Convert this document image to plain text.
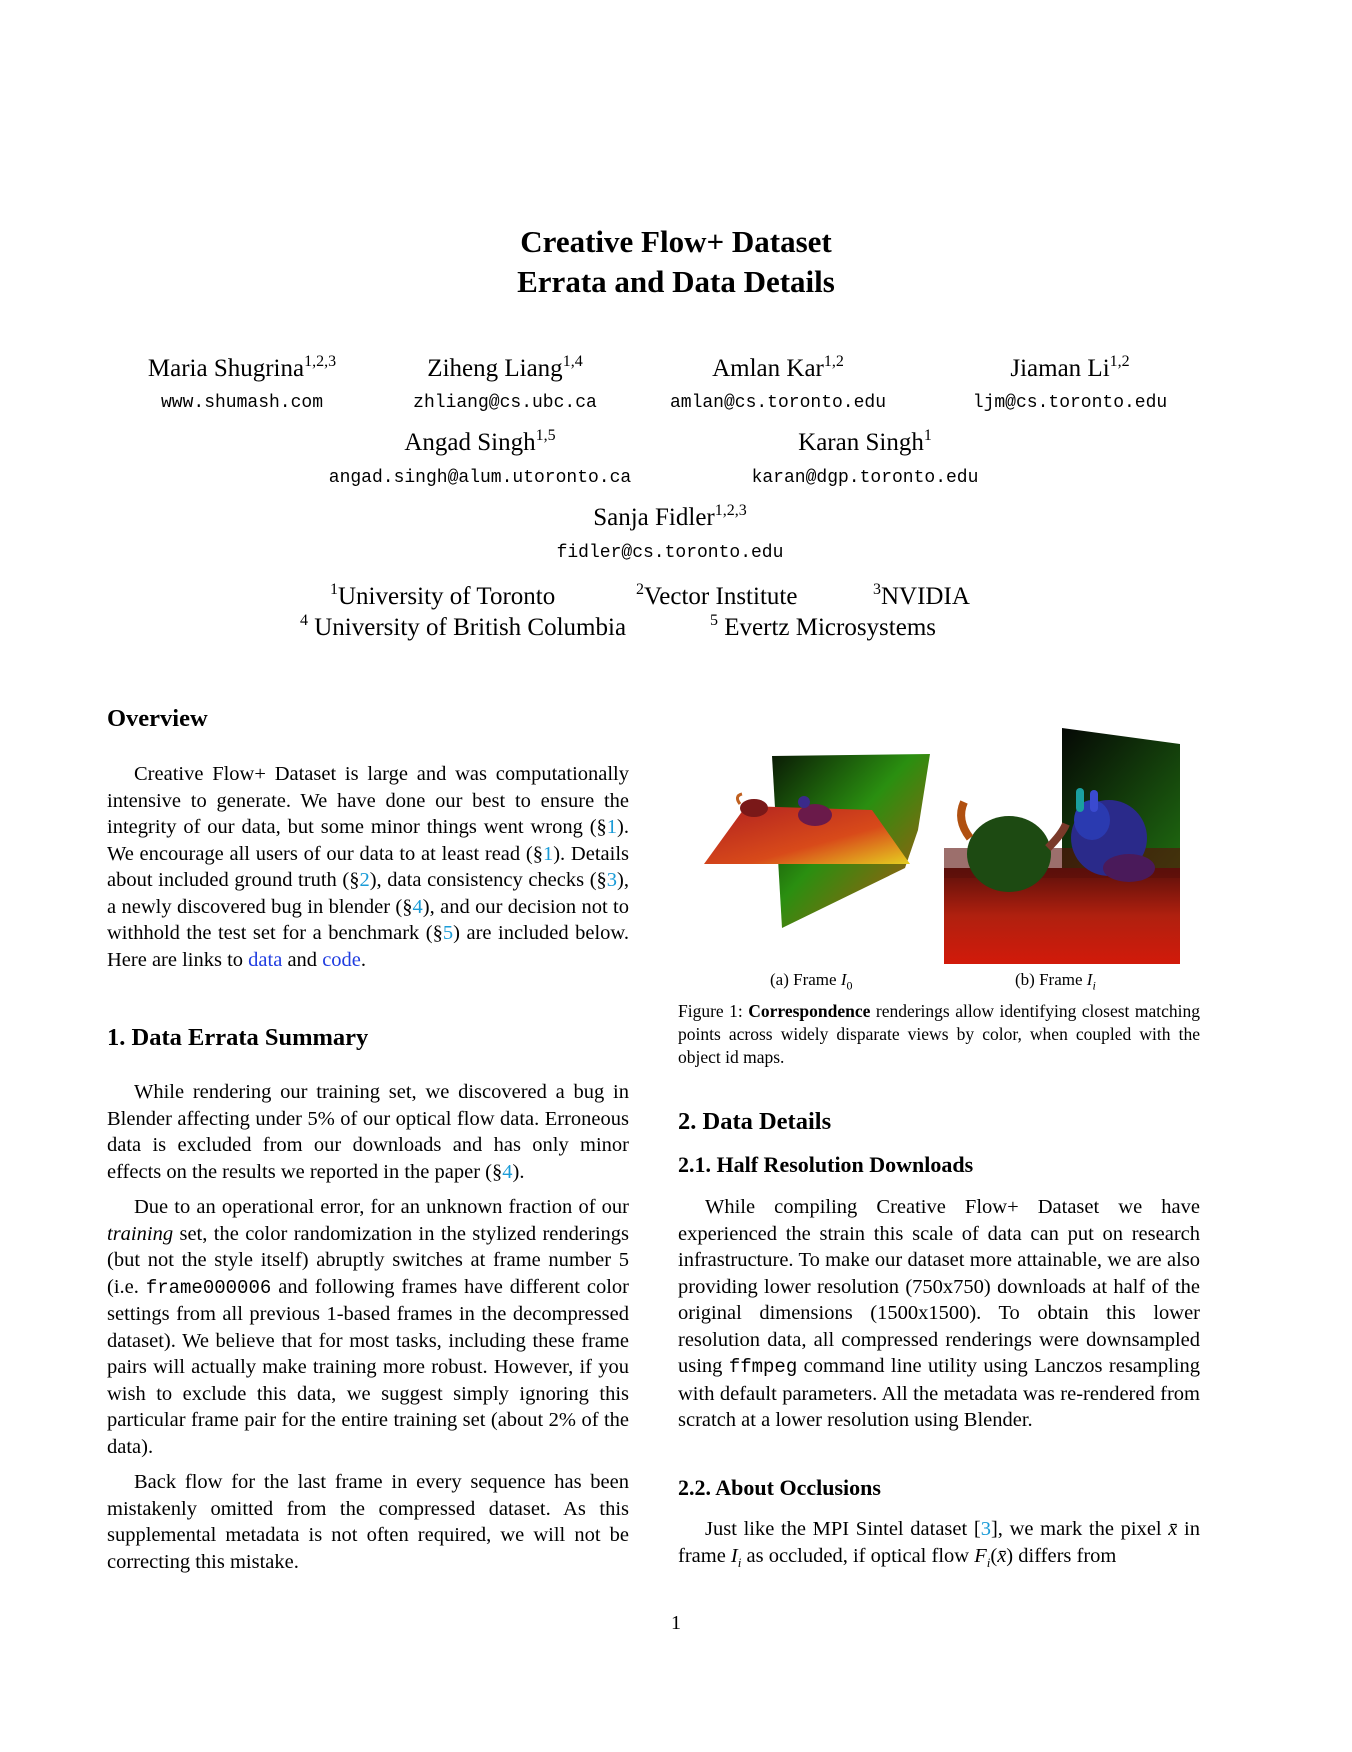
Creative Flow+ Dataset
Errata and Data Details
Maria Shugrina$^{1,2,3}$
www.shumash.com
Ziheng Liang$^{1,4}$
zhliang@cs.ubc.ca
Amlan Kar$^{1,2}$
amlan@cs.toronto.edu
Jiaman Li$^{1,2}$
ljm@cs.toronto.edu
Angad Singh$^{1,5}$
angad.singh@alum.utoronto.ca
Karan Singh$^1$
karan@dgp.toronto.edu
Sanja Fidler$^{1,2,3}$
fidler@cs.toronto.edu
$^1$University of Toronto	$^2$Vector Institute	$^3$NVIDIA
$^4$ University of British Columbia	$^5$ Evertz Microsystems
Overview

Creative Flow+ Dataset is large and was computationally intensive to generate. We have done our best to ensure the integrity of our data, but some minor things went wrong (§1). We encourage all users of our data to at least read (§1). Details about included ground truth (§2), data consistency checks (§3), a newly discovered bug in blender (§4), and our decision not to withhold the test set for a benchmark (§5) are included below. Here are links to data and code.

1. Data Errata Summary

While rendering our training set, we discovered a bug in Blender affecting under 5% of our optical flow data. Erroneous data is excluded from our downloads and has only minor effects on the results we reported in the paper (§4).

Due to an operational error, for an unknown fraction of our training set, the color randomization in the stylized renderings (but not the style itself) abruptly switches at frame number 5 (i.e. frame000006 and following frames have different color settings from all previous 1-based frames in the decompressed dataset). We believe that for most tasks, including these frame pairs will actually make training more robust. However, if you wish to exclude this data, we suggest simply ignoring this particular frame pair for the entire training set (about 2% of the data).

Back flow for the last frame in every sequence has been mistakenly omitted from the compressed dataset. As this supplemental metadata is not often required, we will not be correcting this mistake.

(a) Frame $I_0$	(b) Frame $I_i$
Figure 1: Correspondence renderings allow identifying closest matching points across widely disparate views by color, when coupled with the object id maps.
2. Data Details
2.1. Half Resolution Downloads

While compiling Creative Flow+ Dataset we have experienced the strain this scale of data can put on research infrastructure. To make our dataset more attainable, we are also providing lower resolution (750x750) downloads at half of the original dimensions (1500x1500). To obtain this lower resolution data, all compressed renderings were downsampled using ffmpeg command line utility using Lanczos resampling with default parameters. All the metadata was re-rendered from scratch at a lower resolution using Blender.

2.2. About Occlusions

Just like the MPI Sintel dataset [3], we mark the pixel x̄ in frame $I_i$ as occluded, if optical flow $F_i(x̄)$ differs from

1
